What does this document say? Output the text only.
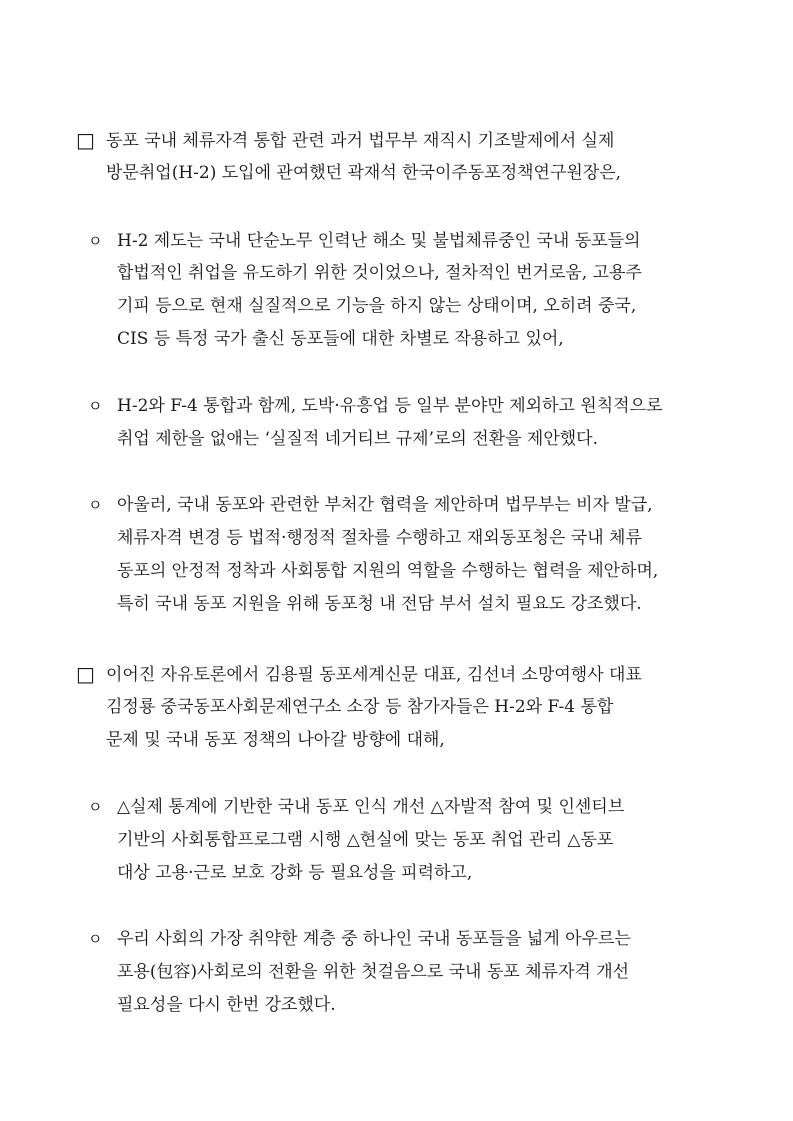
□ 동포 국내 체류자격 통합 관련 과거 법무부 재직시 기조발제에서 실제
방문취업(H-2) 도입에 관여했던 곽재석 한국이주동포정책연구원장은,
ㅇ H-2 제도는 국내 단순노무 인력난 해소 및 불법체류중인 국내 동포들의
합법적인 취업을 유도하기 위한 것이었으나, 절차적인 번거로움, 고용주
기피 등으로 현재 실질적으로 기능을 하지 않는 상태이며, 오히려 중국,
CIS 등 특정 국가 출신 동포들에 대한 차별로 작용하고 있어,
ㅇ H-2와 F-4 통합과 함께, 도박·유흥업 등 일부 분야만 제외하고 원칙적으로
취업 제한을 없애는 ‘실질적 네거티브 규제’로의 전환을 제안했다.
ㅇ 아울러, 국내 동포와 관련한 부처간 협력을 제안하며 법무부는 비자 발급,
체류자격 변경 등 법적·행정적 절차를 수행하고 재외동포청은 국내 체류
동포의 안정적 정착과 사회통합 지원의 역할을 수행하는 협력을 제안하며,
특히 국내 동포 지원을 위해 동포청 내 전담 부서 설치 필요도 강조했다.
□ 이어진 자유토론에서 김용필 동포세계신문 대표, 김선녀 소망여행사 대표
김정룡 중국동포사회문제연구소 소장 등 참가자들은 H-2와 F-4 통합
문제 및 국내 동포 정책의 나아갈 방향에 대해,
ㅇ △실제 통계에 기반한 국내 동포 인식 개선 △자발적 참여 및 인센티브
기반의 사회통합프로그램 시행 △현실에 맞는 동포 취업 관리 △동포
대상 고용·근로 보호 강화 등 필요성을 피력하고,
ㅇ 우리 사회의 가장 취약한 계층 중 하나인 국내 동포들을 넓게 아우르는
포용(包容)사회로의 전환을 위한 첫걸음으로 국내 동포 체류자격 개선
필요성을 다시 한번 강조했다.
